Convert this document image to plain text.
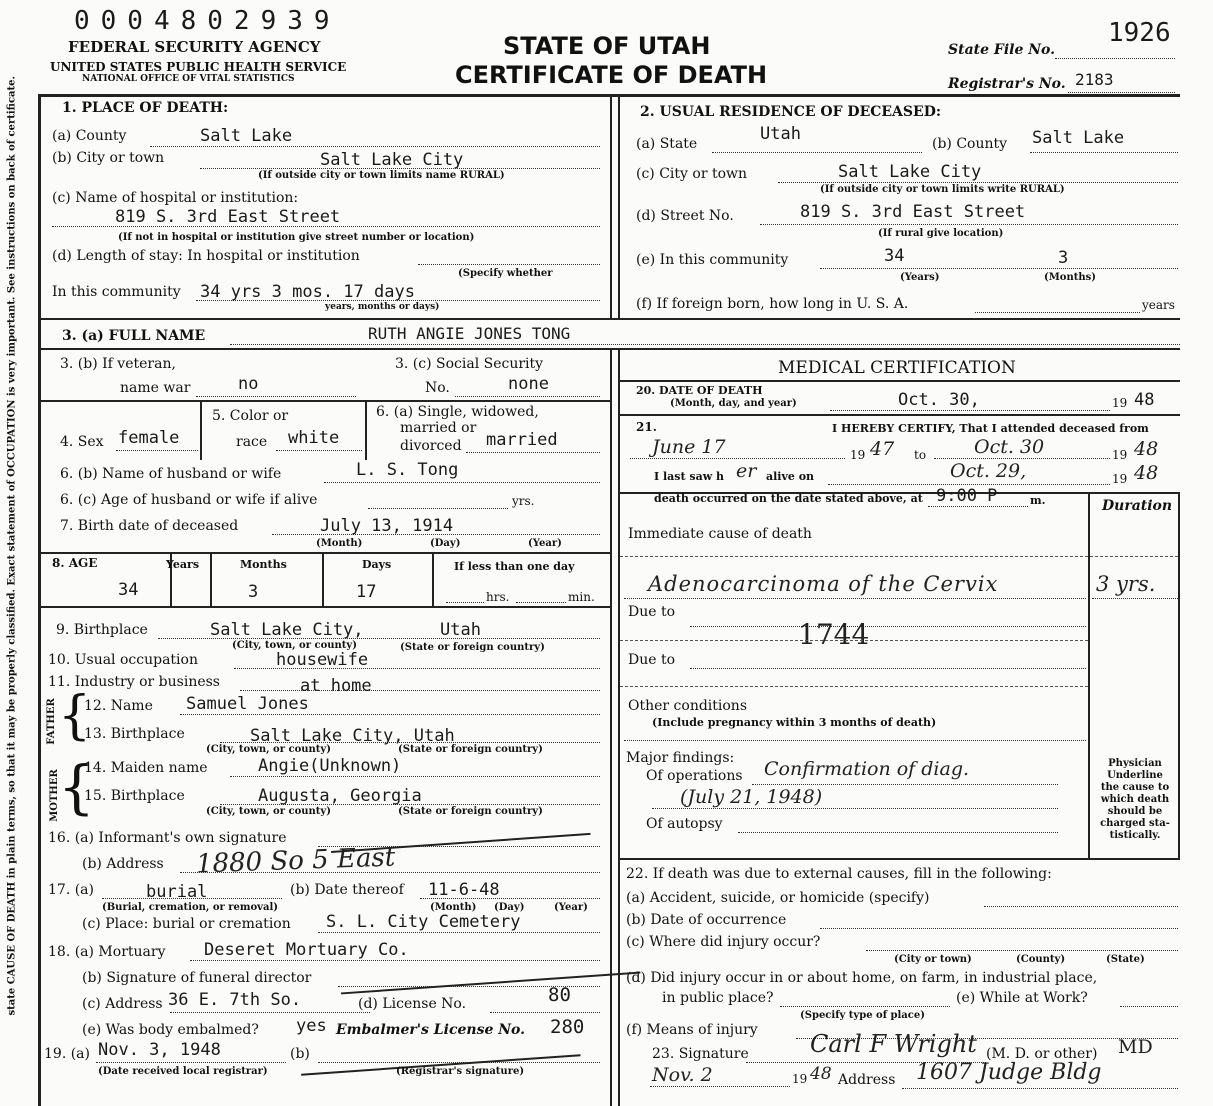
0004802939
FEDERAL SECURITY AGENCY
UNITED STATES PUBLIC HEALTH SERVICE
NATIONAL OFFICE OF VITAL STATISTICS
STATE OF UTAH
CERTIFICATE OF DEATH
State File No.
1926
Registrar's No. 2183
state CAUSE OF DEATH in plain terms, so that it may be properly classified. Exact statement of OCCUPATION is very important. See instructions on back of certificate.	1. PLACE OF DEATH:
(a) County	Salt Lake
(b) City or town	Salt Lake City
(If outside city or town limits name RURAL)
(c) Name of hospital or institution:
819 S. 3rd East Street
(If not in hospital or institution give street number or location)
(d) Length of stay: In hospital or institution
(Specify whether
In this community 34 yrs 3 mos. 17 days
years, months or days)
2. USUAL RESIDENCE OF DECEASED:
(a) State	Utah	(b) County Salt Lake
(c) City or town	Salt Lake City
(If outside city or town limits write RURAL)
(d) Street No.	819 S. 3rd East Street
(If rural give location)
(e) In this community	34	3
(Years)	(Months)
(f) If foreign born, how long in U. S. A.	years
3. (a) FULL NAME	RUTH ANGIE JONES TONG
3. (b) If veteran,
name war	no
3. (c) Social Security
No.	none
4. Sex female
5. Color or
race white
6. (a) Single, widowed,
married or
divorced married
6. (b) Name of husband or wife	L. S. Tong
6. (c) Age of husband or wife if alive	yrs.
7. Birth date of deceased	July 13, 1914
(Month)	(Day)	(Year)
8. AGE	Years	Months	Days	If less than one day
34	3	17	hrs.	min.
9. Birthplace	Salt Lake City,	Utah
(City, town, or county)	(State or foreign country)
10. Usual occupation	housewife
11. Industry or business	at home
FATHER
MOTHER
{
{
12. Name Samuel Jones
13. Birthplace	Salt Lake City, Utah
(City, town, or county)	(State or foreign country)
14. Maiden name	Angie(Unknown)
15. Birthplace	Augusta, Georgia
(City, town, or county)	(State or foreign country)
16. (a) Informant's own signature
(b) Address 1880 So 5 East
17. (a)	burial
(Burial, cremation, or removal)
(b) Date thereof 11-6-48
(Month) (Day)	(Year)
(c) Place: burial or cremation S. L. City Cemetery
18. (a) Mortuary Deseret Mortuary Co.
(b) Signature of funeral director
(c) Address 36 E. 7th So.	(d) License No.	80
(e) Was body embalmed? yes Embalmer's License No. 280
19. (a) Nov. 3, 1948
(Date received local registrar)
(b)
(Registrar's signature)
MEDICAL CERTIFICATION
20. DATE OF DEATH
(Month, day, and year)	Oct. 30,	19 48
21.	I HEREBY CERTIFY, That I attended deceased from
June 17	19 47 to	Oct. 30	19 48
I last saw h er alive on	Oct. 29,	19 48
death occurred on the date stated above, at 9:00 P	m.	Duration
Immediate cause of death
Adenocarcinoma of the Cervix	3 yrs.
Due to
1744
Due to
Other conditions
(Include pregnancy within 3 months of death)
Major findings:
Of operations Confirmation of diag.
(July 21, 1948)
Of autopsy
Physician
Underline
the cause to
which death
should be
charged sta-
tistically.
22. If death was due to external causes, fill in the following:
(a) Accident, suicide, or homicide (specify)
(b) Date of occurrence
(c) Where did injury occur?
(City or town)	(County)	(State)
(d) Did injury occur in or about home, on farm, in industrial place,
in public place?
(Specify type of place)
(e) While at Work?
(f) Means of injury
23. Signature	Carl F Wright (M. D. or other) MD
Nov. 2	19 48 Address 1607 Judge Bldg
